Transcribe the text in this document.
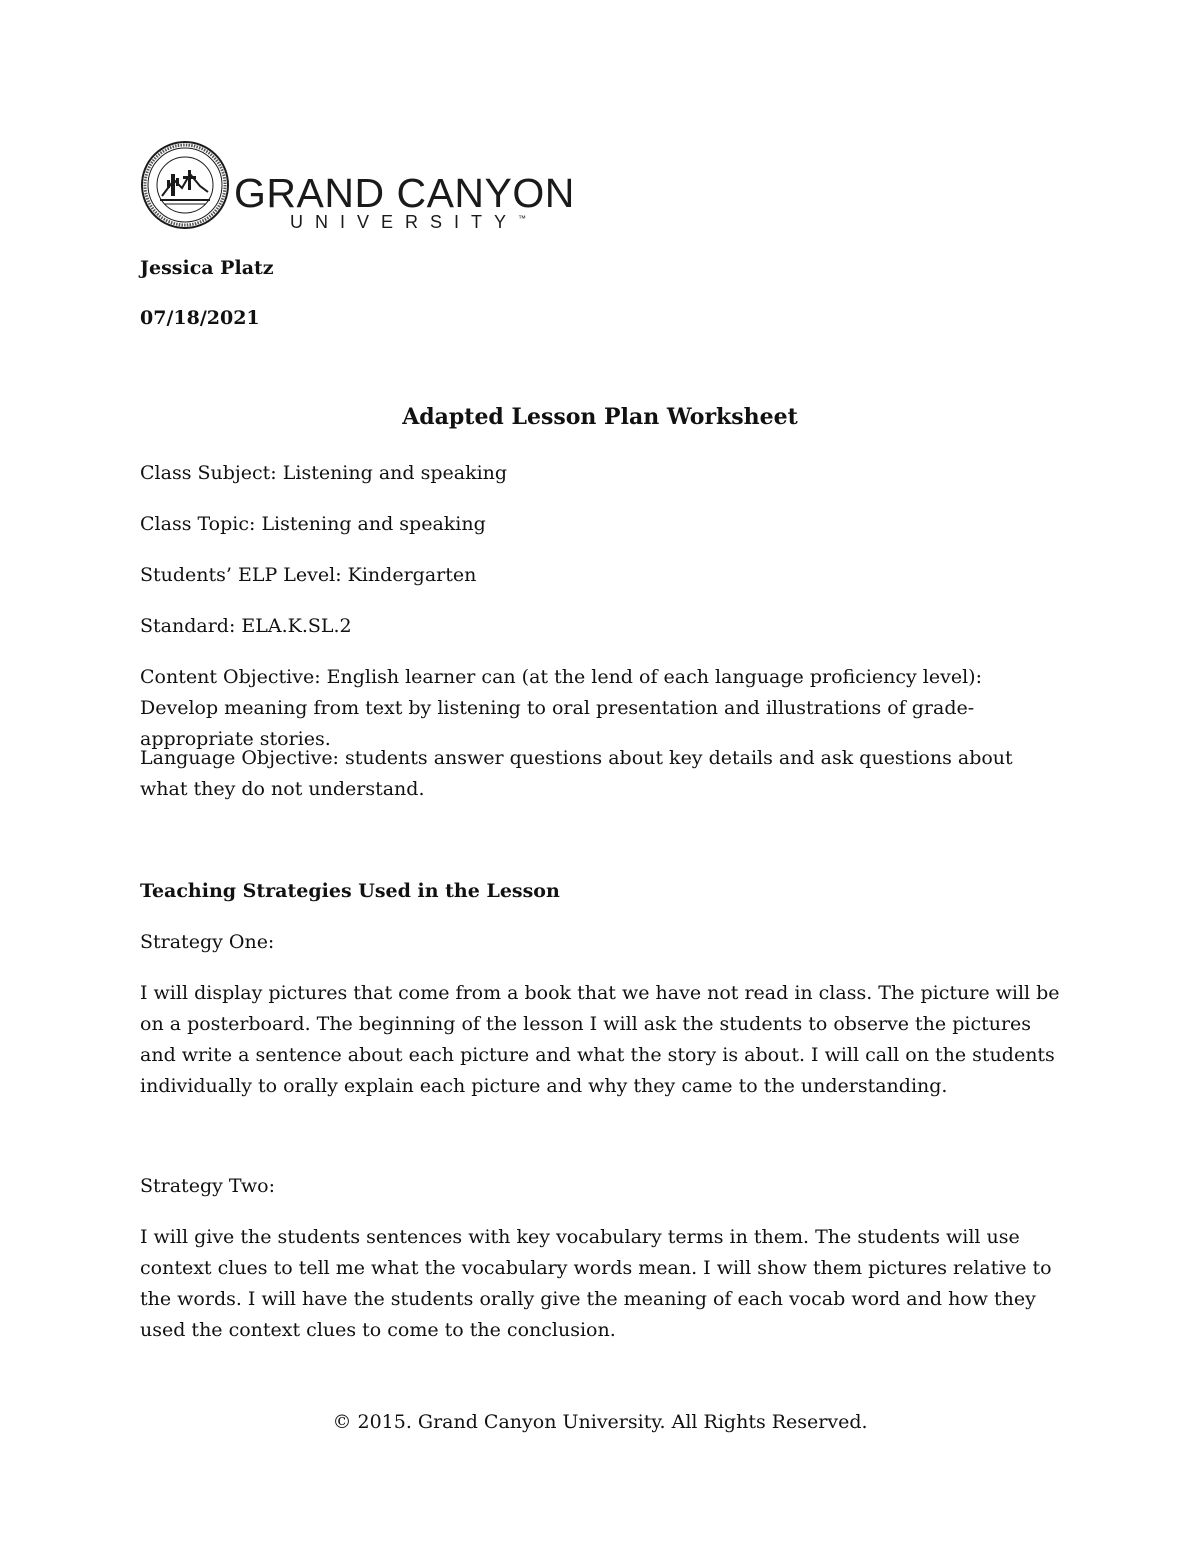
GRAND CANYON
UNIVERSITY™

Jessica Platz

07/18/2021

Adapted Lesson Plan Worksheet

Class Subject: Listening and speaking

Class Topic: Listening and speaking

Students’ ELP Level: Kindergarten

Standard: ELA.K.SL.2

Content Objective: English learner can (at the lend of each language proficiency level): Develop meaning from text by listening to oral presentation and illustrations of grade-appropriate stories.

Language Objective: students answer questions about key details and ask questions about what they do not understand.

Teaching Strategies Used in the Lesson

Strategy One:

I will display pictures that come from a book that we have not read in class. The picture will be on a posterboard. The beginning of the lesson I will ask the students to observe the pictures and write a sentence about each picture and what the story is about. I will call on the students individually to orally explain each picture and why they came to the understanding.

Strategy Two:

I will give the students sentences with key vocabulary terms in them. The students will use context clues to tell me what the vocabulary words mean. I will show them pictures relative to the words. I will have the students orally give the meaning of each vocab word and how they used the context clues to come to the conclusion.

© 2015. Grand Canyon University. All Rights Reserved.
